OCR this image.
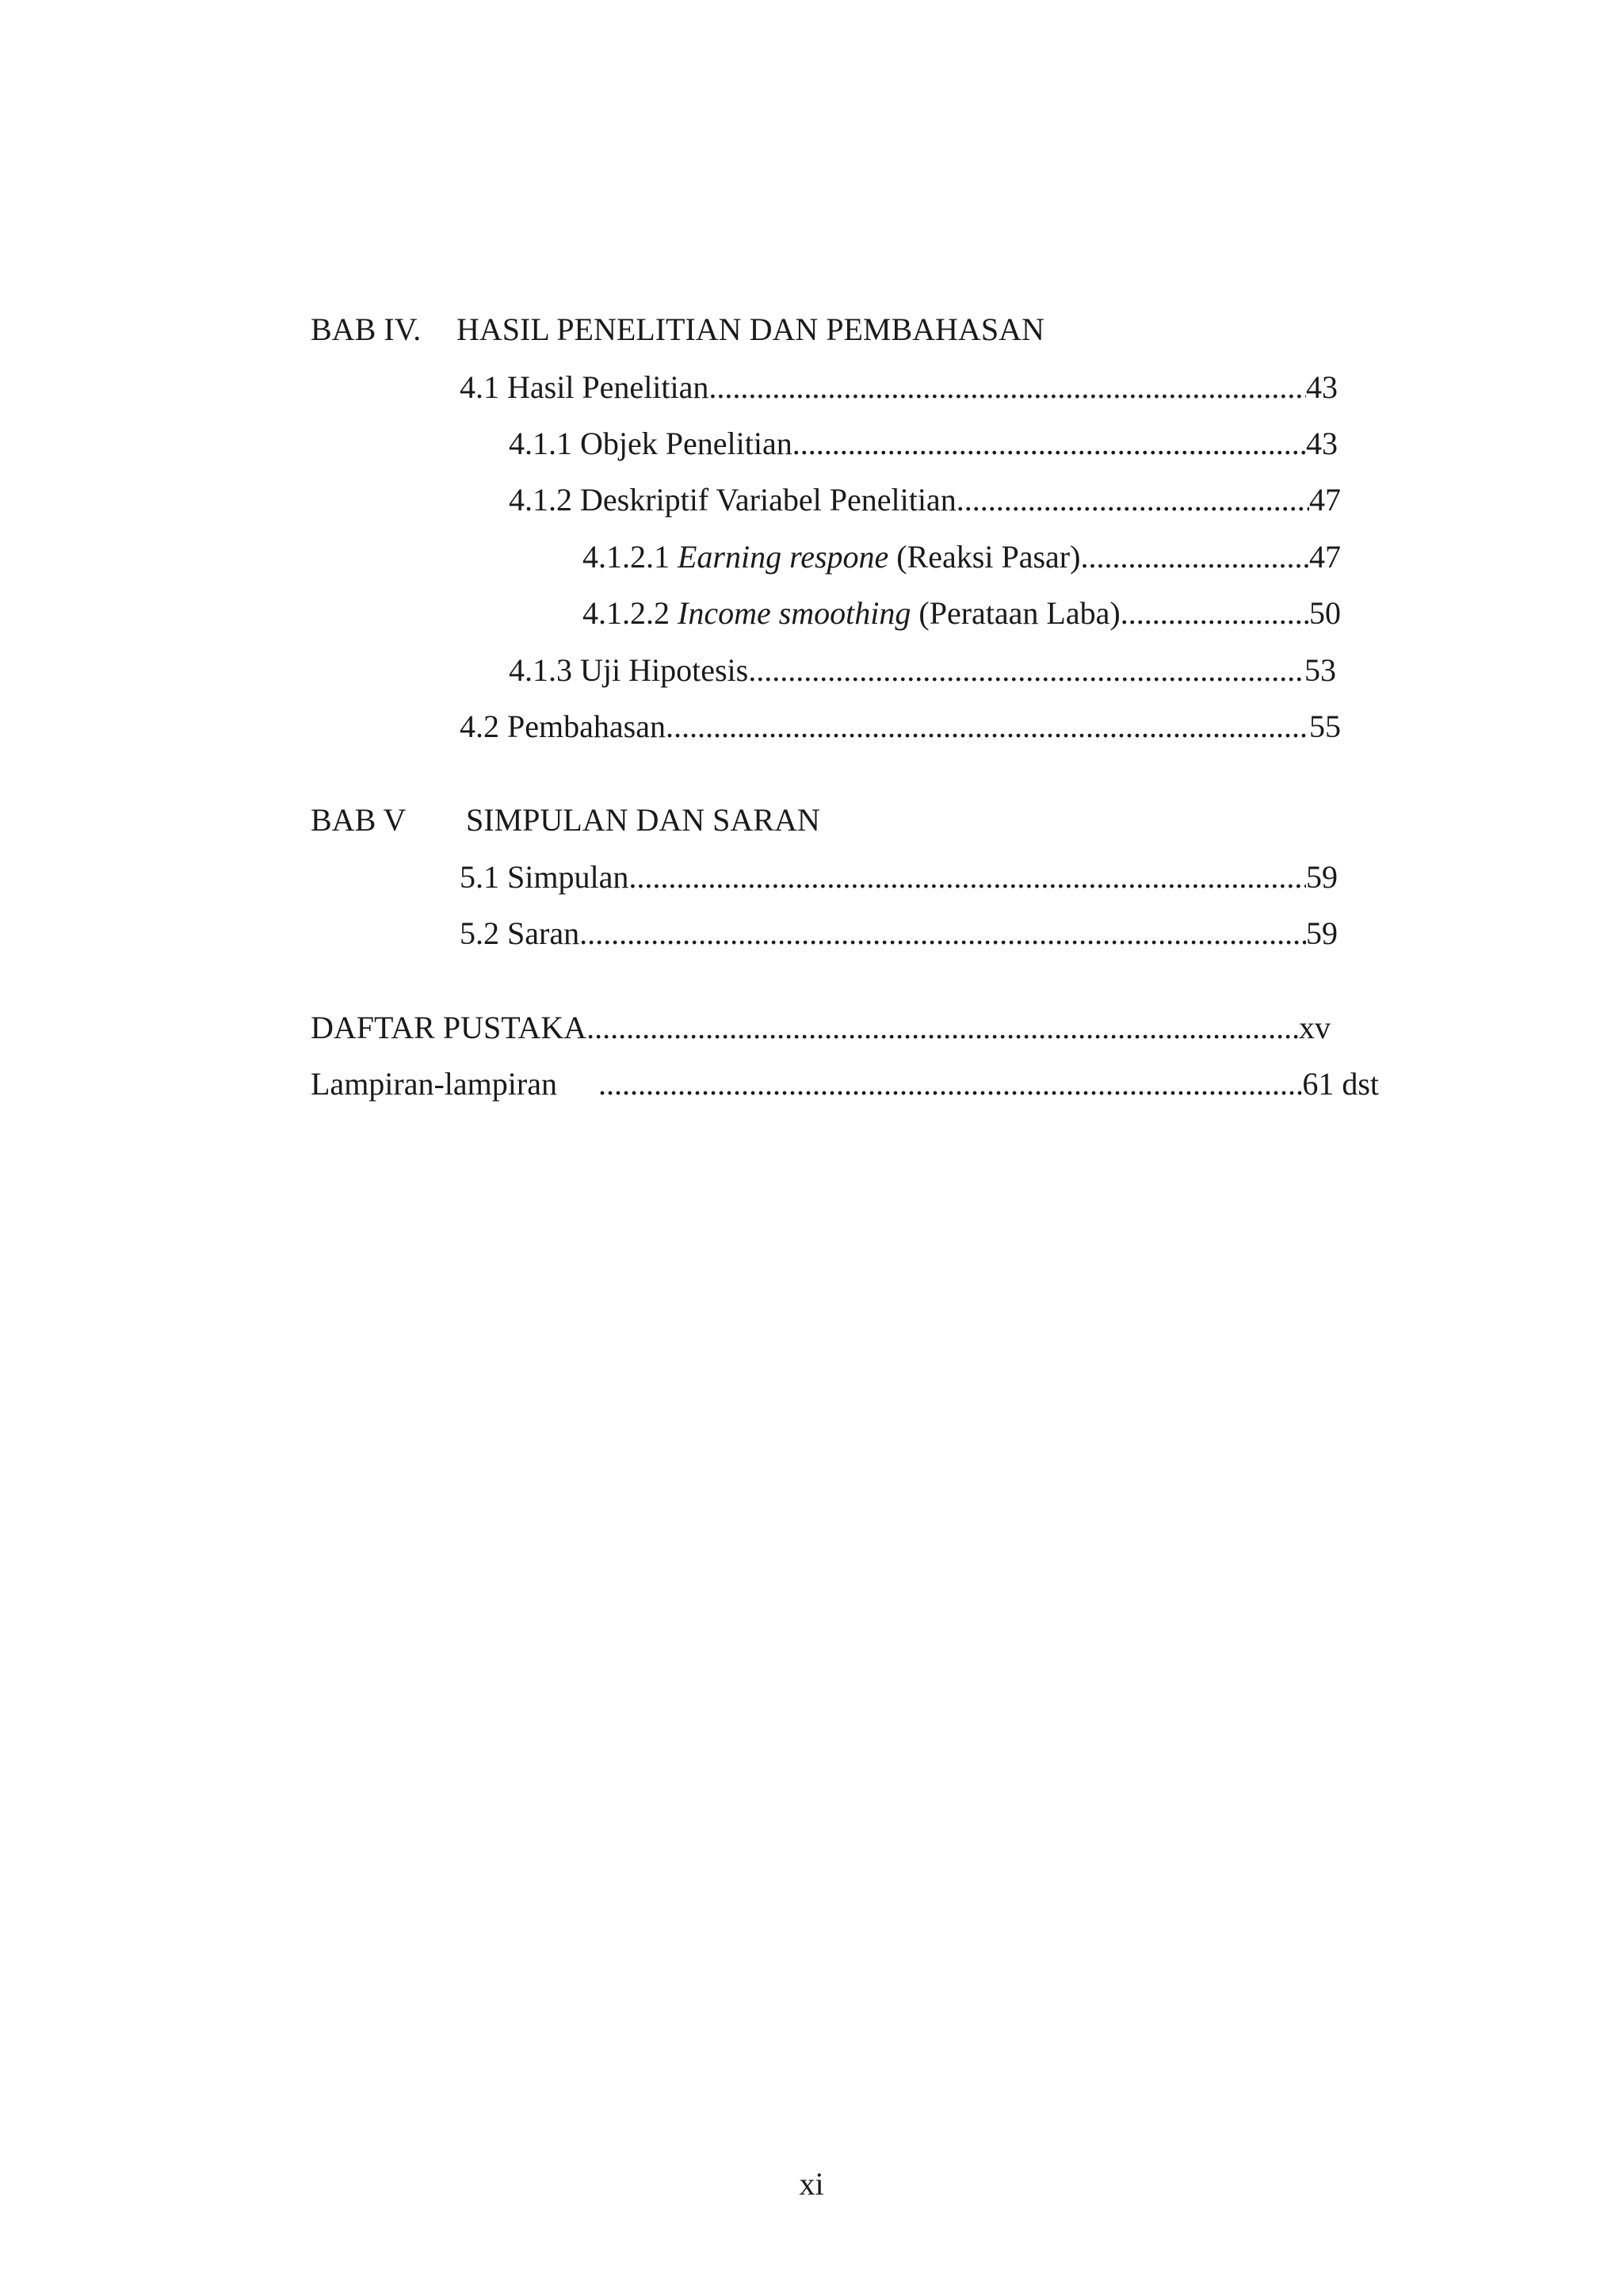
BAB IV. HASIL PENELITIAN DAN PEMBAHASAN
4.1 Hasil Penelitian .....	43
4.1.1 Objek Penelitian .....	43
4.1.2 Deskriptif Variabel Penelitian .....	47
4.1.2.1 Earning respone (Reaksi Pasar) .....	47
4.1.2.2 Income smoothing (Perataan Laba) .....	50
4.1.3 Uji Hipotesis .....	53
4.2 Pembahasan .....	55
BAB V SIMPULAN DAN SARAN
5.1 Simpulan .....	59
5.2 Saran .....	59
DAFTAR PUSTAKA .....	xv
Lampiran-lampiran .....	61 dst
xi
